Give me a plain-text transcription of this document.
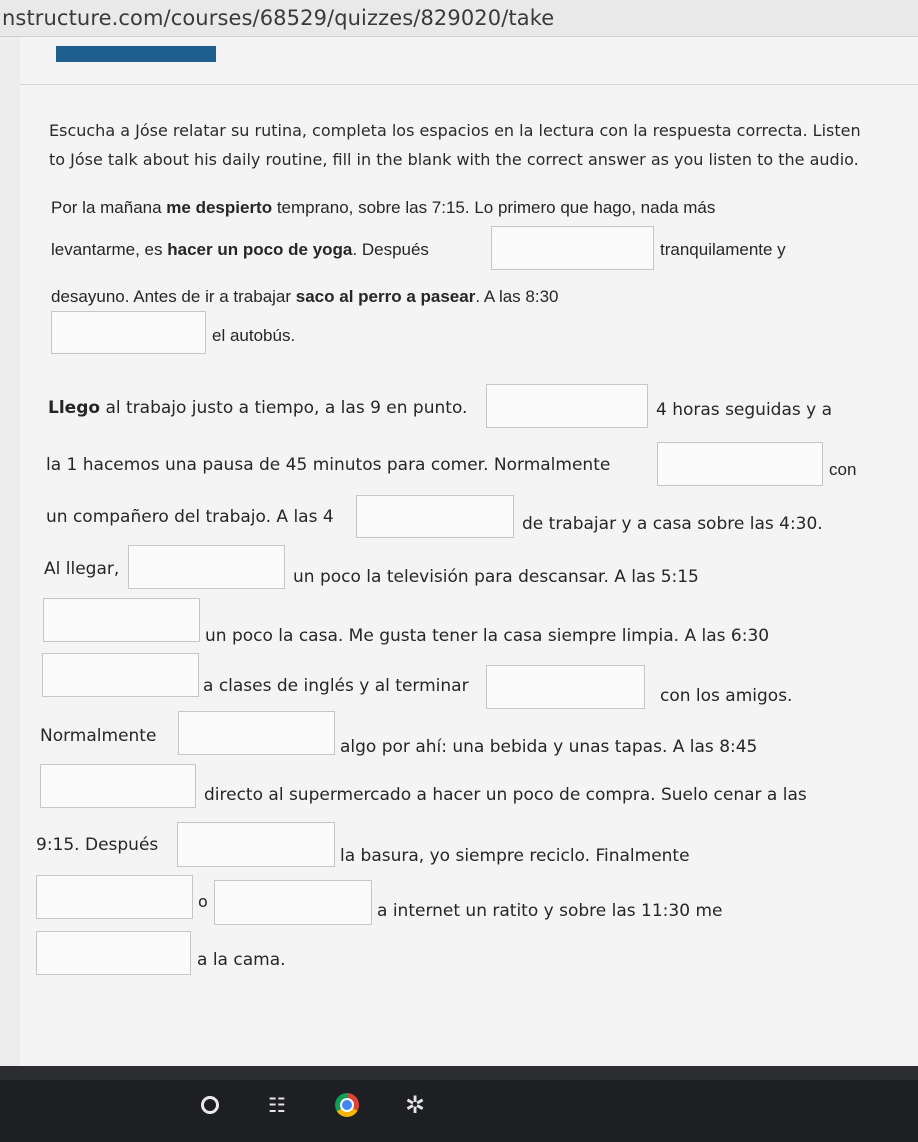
nstructure.com/courses/68529/quizzes/829020/take
Escucha a Jóse relatar su rutina, completa los espacios en la lectura con la respuesta correcta. Listen
to Jóse talk about his daily routine, fill in the blank with the correct answer as you listen to the audio.
Por la mañana me despierto temprano, sobre las 7:15. Lo primero que hago, nada más
levantarme, es hacer un poco de yoga. Después	tranquilamente y
desayuno. Antes de ir a trabajar saco al perro a pasear. A las 8:30
el autobús.
Llego al trabajo justo a tiempo, a las 9 en punto.	4 horas seguidas y a
la 1 hacemos una pausa de 45 minutos para comer. Normalmente	con
un compañero del trabajo. A las 4	de trabajar y a casa sobre las 4:30.
Al llegar,	un poco la televisión para descansar. A las 5:15
un poco la casa. Me gusta tener la casa siempre limpia. A las 6:30
a clases de inglés y al terminar	con los amigos.
Normalmente
algo por ahí: una bebida y unas tapas. A las 8:45
directo al supermercado a hacer un poco de compra. Suelo cenar a las
9:15. Después
la basura, yo siempre reciclo. Finalmente
o	a internet un ratito y sobre las 11:30 me
a la cama.
☷	✲
